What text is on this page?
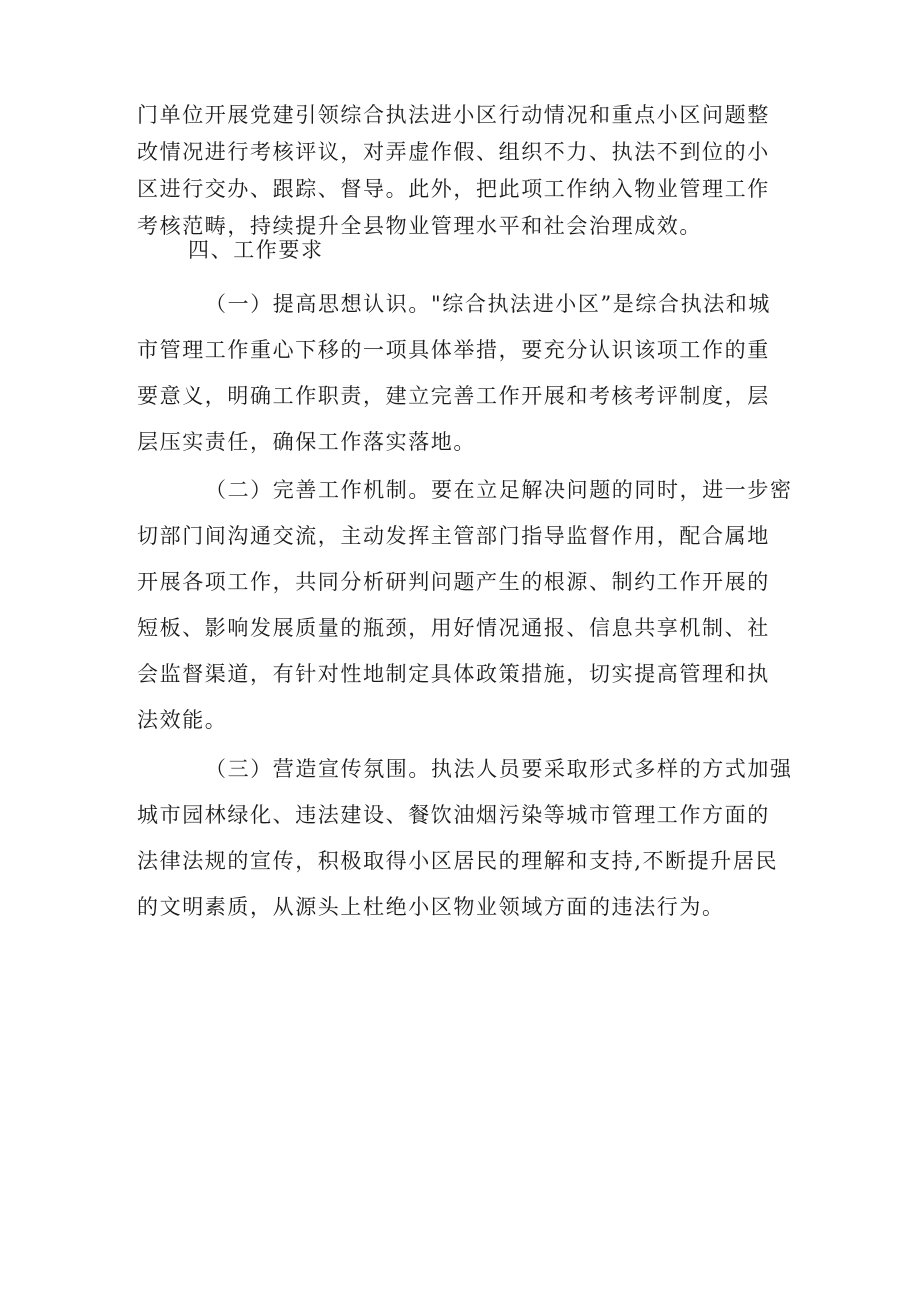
门单位开展党建引领综合执法进小区行动情况和重点小区问题整
改情况进行考核评议，对弄虚作假、组织不力、执法不到位的小
区进行交办、跟踪、督导。此外，把此项工作纳入物业管理工作
考核范畴，持续提升全县物业管理水平和社会治理成效。
四、工作要求
（一）提高思想认识。"综合执法进小区”是综合执法和城
市管理工作重心下移的一项具体举措，要充分认识该项工作的重
要意义，明确工作职责，建立完善工作开展和考核考评制度，层
层压实责任，确保工作落实落地。
（二）完善工作机制。要在立足解决问题的同时，进一步密
切部门间沟通交流，主动发挥主管部门指导监督作用，配合属地
开展各项工作，共同分析研判问题产生的根源、制约工作开展的
短板、影响发展质量的瓶颈，用好情况通报、信息共享机制、社
会监督渠道，有针对性地制定具体政策措施，切实提高管理和执
法效能。
（三）营造宣传氛围。执法人员要采取形式多样的方式加强
城市园林绿化、违法建设、餐饮油烟污染等城市管理工作方面的
法律法规的宣传，积极取得小区居民的理解和支持,不断提升居民
的文明素质，从源头上杜绝小区物业领域方面的违法行为。
